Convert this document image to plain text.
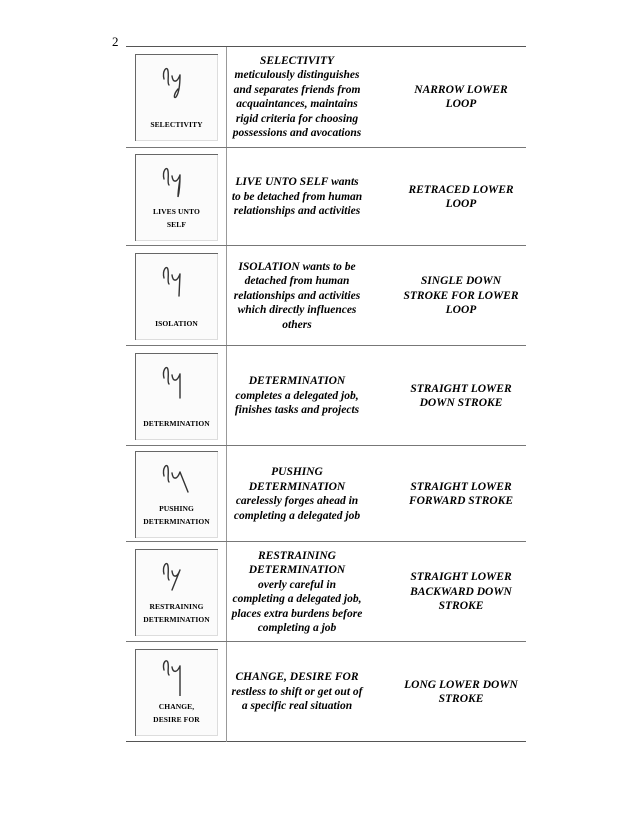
2
SELECTIVITY
SELECTIVITY
meticulously distinguishes and separates friends from acquaintances, maintains rigid criteria for choosing possessions and avocations
NARROW LOWER LOOP
LIVES UNTO SELF
LIVE UNTO SELF wants to be detached from human relationships and activities
RETRACED LOWER LOOP
ISOLATION
ISOLATION wants to be detached from human relationships and activities which directly influences others
SINGLE DOWN STROKE FOR LOWER LOOP
DETERMINATION
DETERMINATION
completes a delegated job, finishes tasks and projects
STRAIGHT LOWER DOWN STROKE
PUSHING DETERMINATION
PUSHING DETERMINATION
carelessly forges ahead in completing a delegated job
STRAIGHT LOWER FORWARD STROKE
RESTRAINING DETERMINATION
RESTRAINING DETERMINATION
overly careful in completing a delegated job, places extra burdens before completing a job
STRAIGHT LOWER BACKWARD DOWN STROKE
CHANGE, DESIRE FOR
CHANGE, DESIRE FOR
restless to shift or get out of a specific real situation
LONG LOWER DOWN STROKE
